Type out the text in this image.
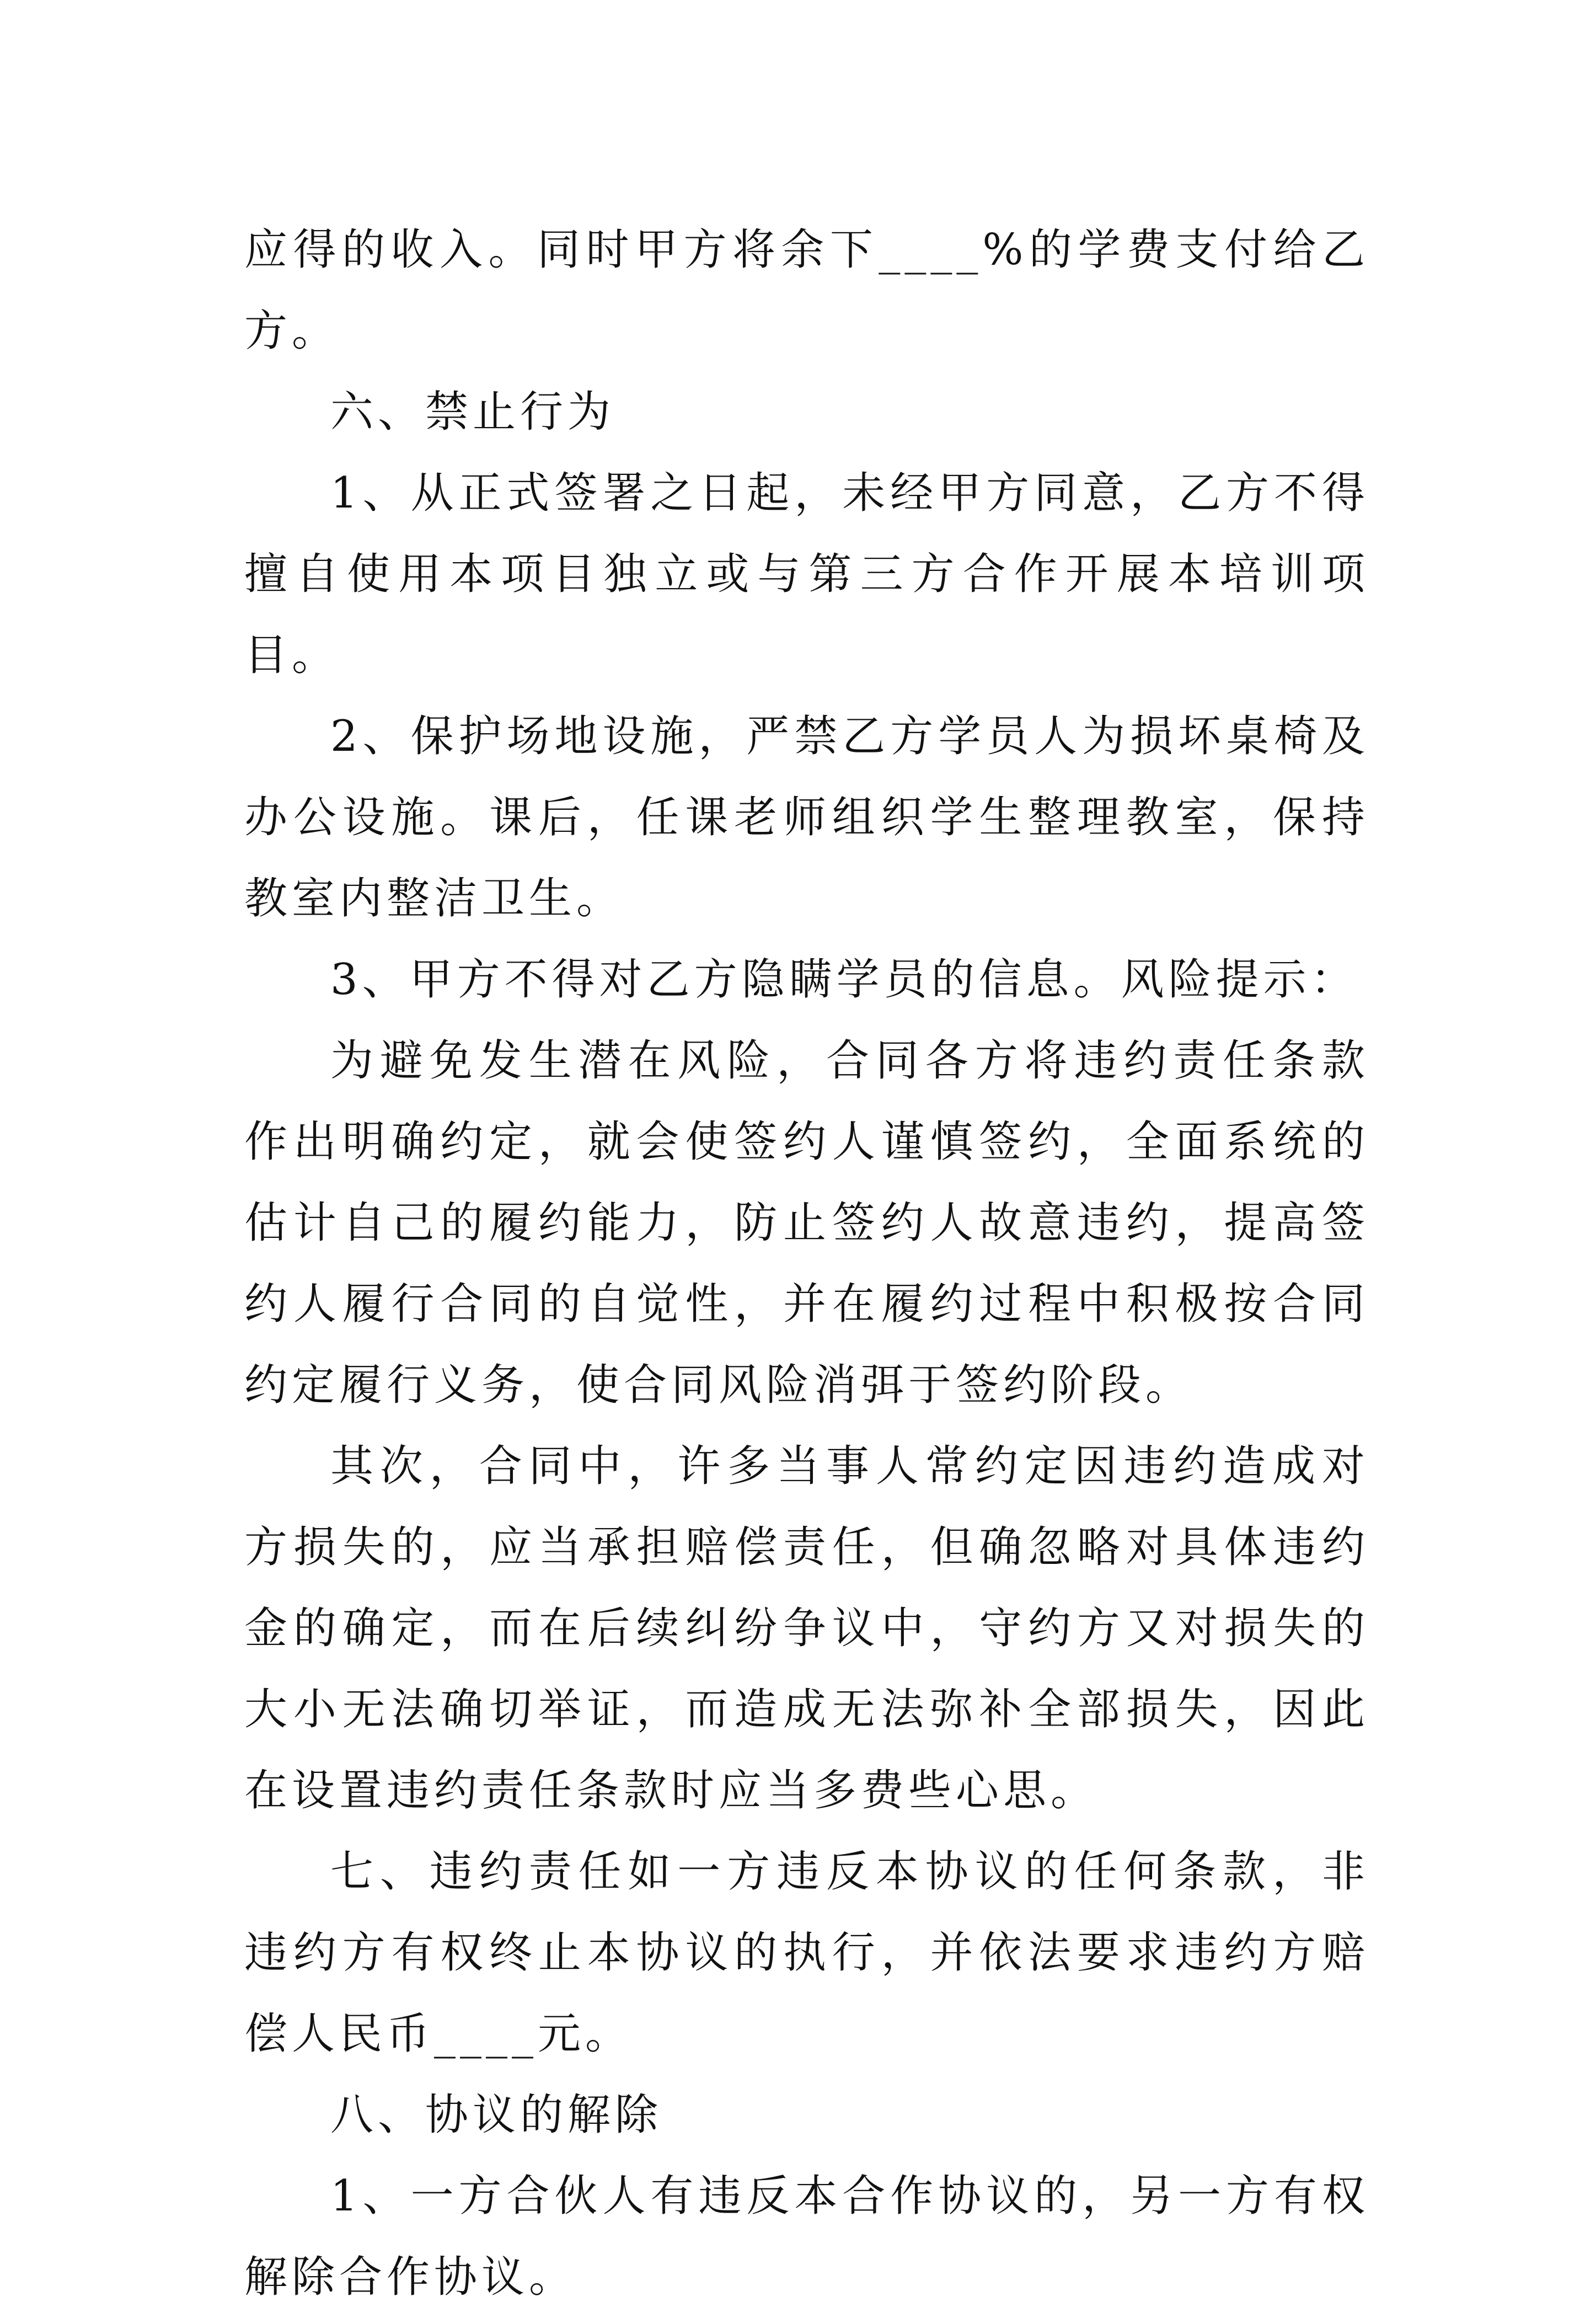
应得的收入。同时甲方将余下____%的学费支付给乙方。

六、禁止行为

1、从正式签署之日起，未经甲方同意，乙方不得擅自使用本项目独立或与第三方合作开展本培训项目。

2、保护场地设施，严禁乙方学员人为损坏桌椅及办公设施。课后，任课老师组织学生整理教室，保持教室内整洁卫生。

3、甲方不得对乙方隐瞒学员的信息。风险提示：

为避免发生潜在风险，合同各方将违约责任条款作出明确约定，就会使签约人谨慎签约，全面系统的估计自己的履约能力，防止签约人故意违约，提高签约人履行合同的自觉性，并在履约过程中积极按合同约定履行义务，使合同风险消弭于签约阶段。

其次，合同中，许多当事人常约定因违约造成对方损失的，应当承担赔偿责任，但确忽略对具体违约金的确定，而在后续纠纷争议中，守约方又对损失的大小无法确切举证，而造成无法弥补全部损失，因此在设置违约责任条款时应当多费些心思。

七、违约责任如一方违反本协议的任何条款，非违约方有权终止本协议的执行，并依法要求违约方赔偿人民币____元。

八、协议的解除

1、一方合伙人有违反本合作协议的，另一方有权解除合作协议。
